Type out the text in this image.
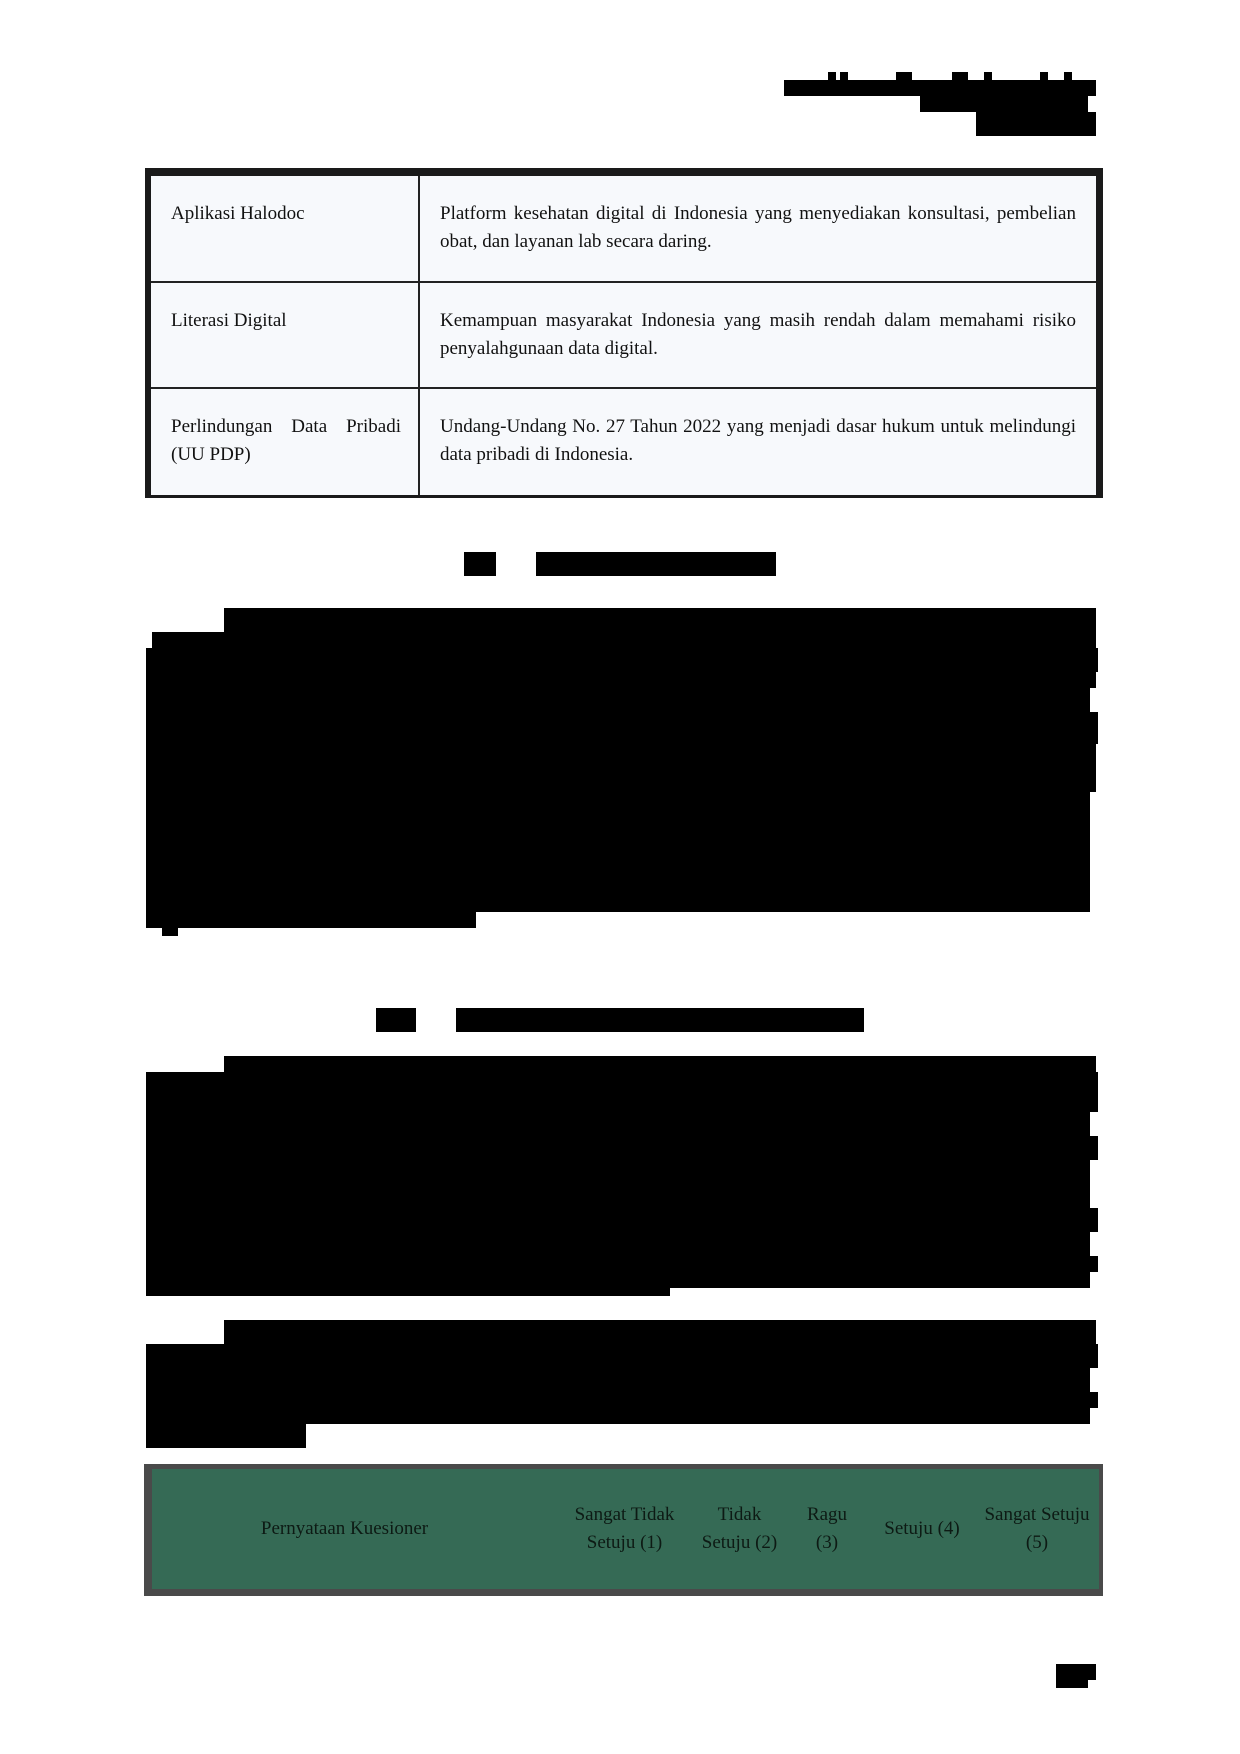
Aplikasi Halodoc	Platform kesehatan digital di Indonesia yang menyediakan konsultasi, pembelian obat, dan layanan lab secara daring.
Literasi Digital	Kemampuan masyarakat Indonesia yang masih rendah dalam memahami risiko penyalahgunaan data digital.
Perlindungan Data Pribadi (UU PDP)
Undang-Undang No. 27 Tahun 2022 yang menjadi dasar hukum untuk melindungi data pribadi di Indonesia.
Pernyataan Kuesioner
Sangat Tidak Setuju (1)
Tidak Setuju (2)
Ragu (3)
Setuju (4)
Sangat Setuju (5)
